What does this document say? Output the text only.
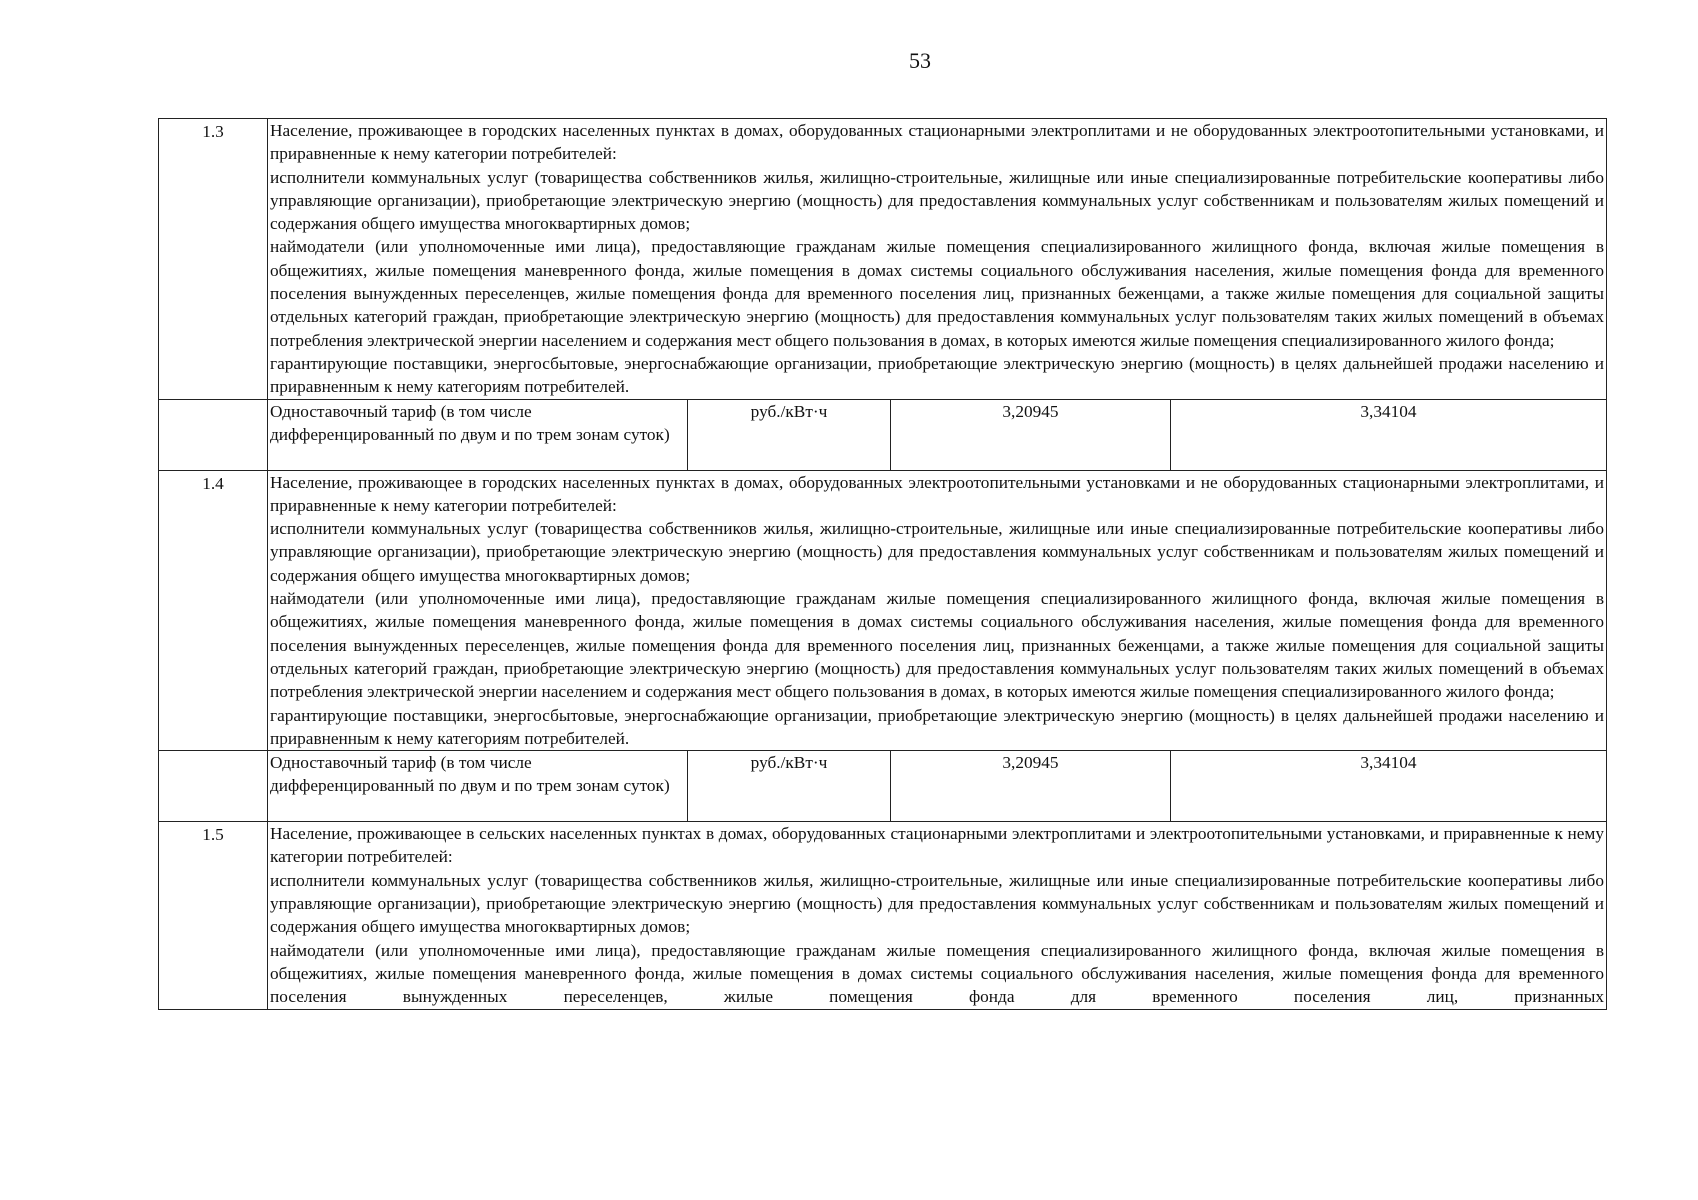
53
1.3	Население, проживающее в городских населенных пунктах в домах, оборудованных стационарными электроплитами и не оборудованных электроотопительными установками, и приравненные к нему категории потребителей:

исполнители коммунальных услуг (товарищества собственников жилья, жилищно-строительные, жилищные или иные специализированные потребительские кооперативы либо управляющие организации), приобретающие электрическую энергию (мощность) для предоставления коммунальных услуг собственникам и пользователям жилых помещений и содержания общего имущества многоквартирных домов;

наймодатели (или уполномоченные ими лица), предоставляющие гражданам жилые помещения специализированного жилищного фонда, включая жилые помещения в общежитиях, жилые помещения маневренного фонда, жилые помещения в домах системы социального обслуживания населения, жилые помещения фонда для временного поселения вынужденных переселенцев, жилые помещения фонда для временного поселения лиц, признанных беженцами, а также жилые помещения для социальной защиты отдельных категорий граждан, приобретающие электрическую энергию (мощность) для предоставления коммунальных услуг пользователям таких жилых помещений в объемах потребления электрической энергии населением и содержания мест общего пользования в домах, в которых имеются жилые помещения специализированного жилого фонда;

гарантирующие поставщики, энергосбытовые, энергоснабжающие организации, приобретающие электрическую энергию (мощность) в целях дальнейшей продажи населению и приравненным к нему категориям потребителей.			

	Одноставочный тариф (в том числе дифференцированный по двум и по трем зонам суток)	руб./кВт·ч	3,20945	3,34104
1.4	Население, проживающее в городских населенных пунктах в домах, оборудованных электроотопительными установками и не оборудованных стационарными электроплитами, и приравненные к нему категории потребителей:

исполнители коммунальных услуг (товарищества собственников жилья, жилищно-строительные, жилищные или иные специализированные потребительские кооперативы либо управляющие организации), приобретающие электрическую энергию (мощность) для предоставления коммунальных услуг собственникам и пользователям жилых помещений и содержания общего имущества многоквартирных домов;

наймодатели (или уполномоченные ими лица), предоставляющие гражданам жилые помещения специализированного жилищного фонда, включая жилые помещения в общежитиях, жилые помещения маневренного фонда, жилые помещения в домах системы социального обслуживания населения, жилые помещения фонда для временного поселения вынужденных переселенцев, жилые помещения фонда для временного поселения лиц, признанных беженцами, а также жилые помещения для социальной защиты отдельных категорий граждан, приобретающие электрическую энергию (мощность) для предоставления коммунальных услуг пользователям таких жилых помещений в объемах потребления электрической энергии населением и содержания мест общего пользования в домах, в которых имеются жилые помещения специализированного жилого фонда;

гарантирующие поставщики, энергосбытовые, энергоснабжающие организации, приобретающие электрическую энергию (мощность) в целях дальнейшей продажи населению и приравненным к нему категориям потребителей.			

	Одноставочный тариф (в том числе дифференцированный по двум и по трем зонам суток)	руб./кВт·ч	3,20945	3,34104
1.5	Население, проживающее в сельских населенных пунктах в домах, оборудованных стационарными электроплитами и электроотопительными установками, и приравненные к нему категории потребителей:

исполнители коммунальных услуг (товарищества собственников жилья, жилищно-строительные, жилищные или иные специализированные потребительские кооперативы либо управляющие организации), приобретающие электрическую энергию (мощность) для предоставления коммунальных услуг собственникам и пользователям жилых помещений и содержания общего имущества многоквартирных домов;

наймодатели (или уполномоченные ими лица), предоставляющие гражданам жилые помещения специализированного жилищного фонда, включая жилые помещения в общежитиях, жилые помещения маневренного фонда, жилые помещения в домах системы социального обслуживания населения, жилые помещения фонда для временного поселения вынужденных переселенцев, жилые помещения фонда для временного поселения лиц, признанных			
